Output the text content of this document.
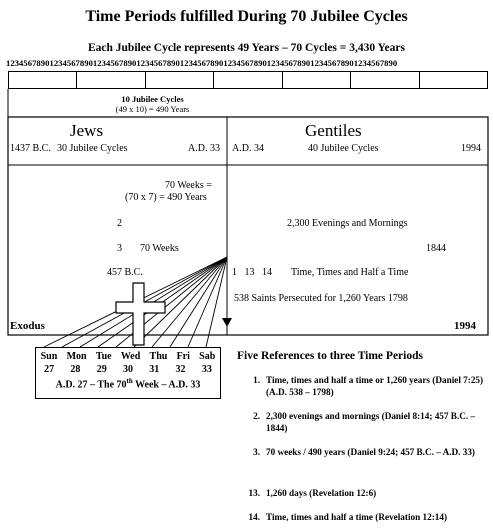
Time Periods fulfilled During 70 Jubilee Cycles
Each Jubilee Cycle represents 49 Years – 70 Cycles = 3,430 Years
123456789012345678901234567890123456789012345678901234567890123456789012345678901234567890
10 Jubilee Cycles
(49 x 10) = 490 Years
Jews
1437 B.C. 30 Jubilee Cycles	A.D. 33
Gentiles
A.D. 34	40 Jubilee Cycles	1994
70 Weeks =
(70 x 7) = 490 Years
2
3 70 Weeks
457 B.C.
2,300 Evenings and Mornings
1844
1   13   14 Time, Times and Half a Time
538 Saints Persecuted for 1,260 Years 1798
Exodus	1994
Sun Mon Tue Wed Thu Fri Sab
27 28 29 30 31 32 33
A.D. 27 – The 70th Week – A.D. 33
Five References to three Time Periods
1. Time, times and half a time or 1,260 years (Daniel 7:25) (A.D. 538 – 1798)
2. 2,300 evenings and mornings (Daniel 8:14; 457 B.C. – 1844)
3. 70 weeks / 490 years (Daniel 9:24; 457 B.C. – A.D. 33)
13. 1,260 days (Revelation 12:6)
14. Time, times and half a time (Revelation 12:14)
